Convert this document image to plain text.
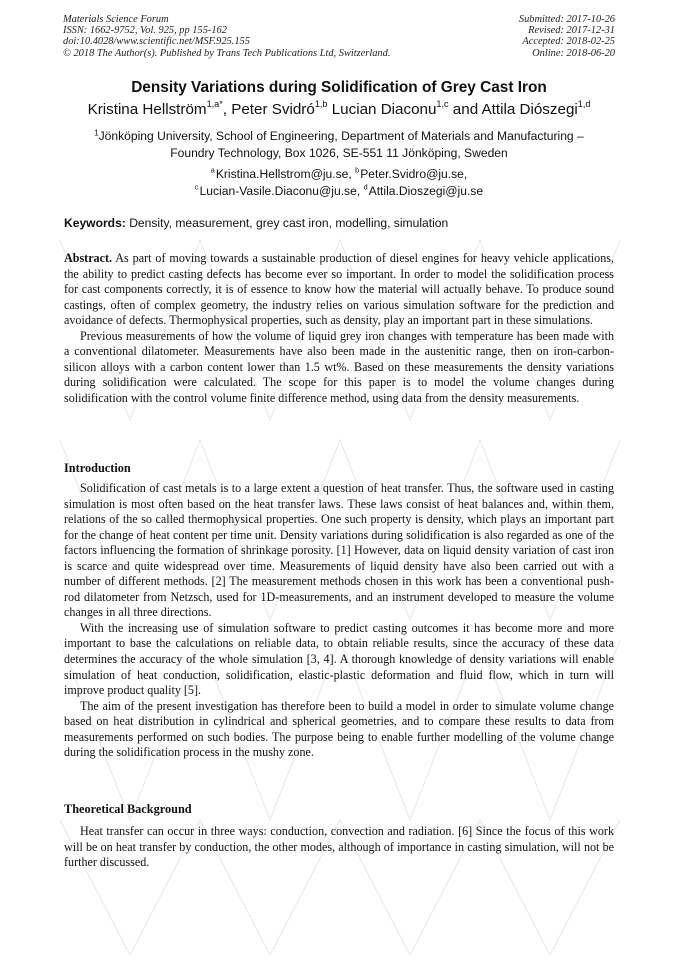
Materials Science Forum
ISSN: 1662-9752, Vol. 925, pp 155-162
doi:10.4028/www.scientific.net/MSF.925.155
© 2018 The Author(s). Published by Trans Tech Publications Ltd, Switzerland.
Submitted: 2017-10-26
Revised: 2017-12-31
Accepted: 2018-02-25
Online: 2018-06-20
Density Variations during Solidification of Grey Cast Iron
Kristina Hellström$^{1,a*}$, Peter Svidró$^{1,b}$ Lucian Diaconu$^{1,c}$ and Attila Diószegi$^{1,d}$
$^1$Jönköping University, School of Engineering, Department of Materials and Manufacturing –
Foundry Technology, Box 1026, SE-551 11 Jönköping, Sweden
$^a$ Kristina.Hellstrom@ju.se, $^b$ Peter.Svidro@ju.se,
$^c$ Lucian-Vasile.Diaconu@ju.se, $^d$ Attila.Dioszegi@ju.se
Keywords: Density, measurement, grey cast iron, modelling, simulation

Abstract. As part of moving towards a sustainable production of diesel engines for heavy vehicle applications, the ability to predict casting defects has become ever so important. In order to model the solidification process for cast components correctly, it is of essence to know how the material will actually behave. To produce sound castings, often of complex geometry, the industry relies on various simulation software for the prediction and avoidance of defects. Thermophysical properties, such as density, play an important part in these simulations.

Previous measurements of how the volume of liquid grey iron changes with temperature has been made with a conventional dilatometer. Measurements have also been made in the austenitic range, then on iron-carbon-silicon alloys with a carbon content lower than 1.5 wt%. Based on these measurements the density variations during solidification were calculated. The scope for this paper is to model the volume changes during solidification with the control volume finite difference method, using data from the density measurements.

Introduction

Solidification of cast metals is to a large extent a question of heat transfer. Thus, the software used in casting simulation is most often based on the heat transfer laws. These laws consist of heat balances and, within them, relations of the so called thermophysical properties. One such property is density, which plays an important part for the change of heat content per time unit. Density variations during solidification is also regarded as one of the factors influencing the formation of shrinkage porosity. [1] However, data on liquid density variation of cast iron is scarce and quite widespread over time. Measurements of liquid density have also been carried out with a number of different methods. [2] The measurement methods chosen in this work has been a conventional push-rod dilatometer from Netzsch, used for 1D-measurements, and an instrument developed to measure the volume changes in all three directions.

With the increasing use of simulation software to predict casting outcomes it has become more and more important to base the calculations on reliable data, to obtain reliable results, since the accuracy of these data determines the accuracy of the whole simulation [3, 4]. A thorough knowledge of density variations will enable simulation of heat conduction, solidification, elastic-plastic deformation and fluid flow, which in turn will improve product quality [5].

The aim of the present investigation has therefore been to build a model in order to simulate volume change based on heat distribution in cylindrical and spherical geometries, and to compare these results to data from measurements performed on such bodies. The purpose being to enable further modelling of the volume change during the solidification process in the mushy zone.

Theoretical Background

Heat transfer can occur in three ways: conduction, convection and radiation. [6] Since the focus of this work will be on heat transfer by conduction, the other modes, although of importance in casting simulation, will not be further discussed.
